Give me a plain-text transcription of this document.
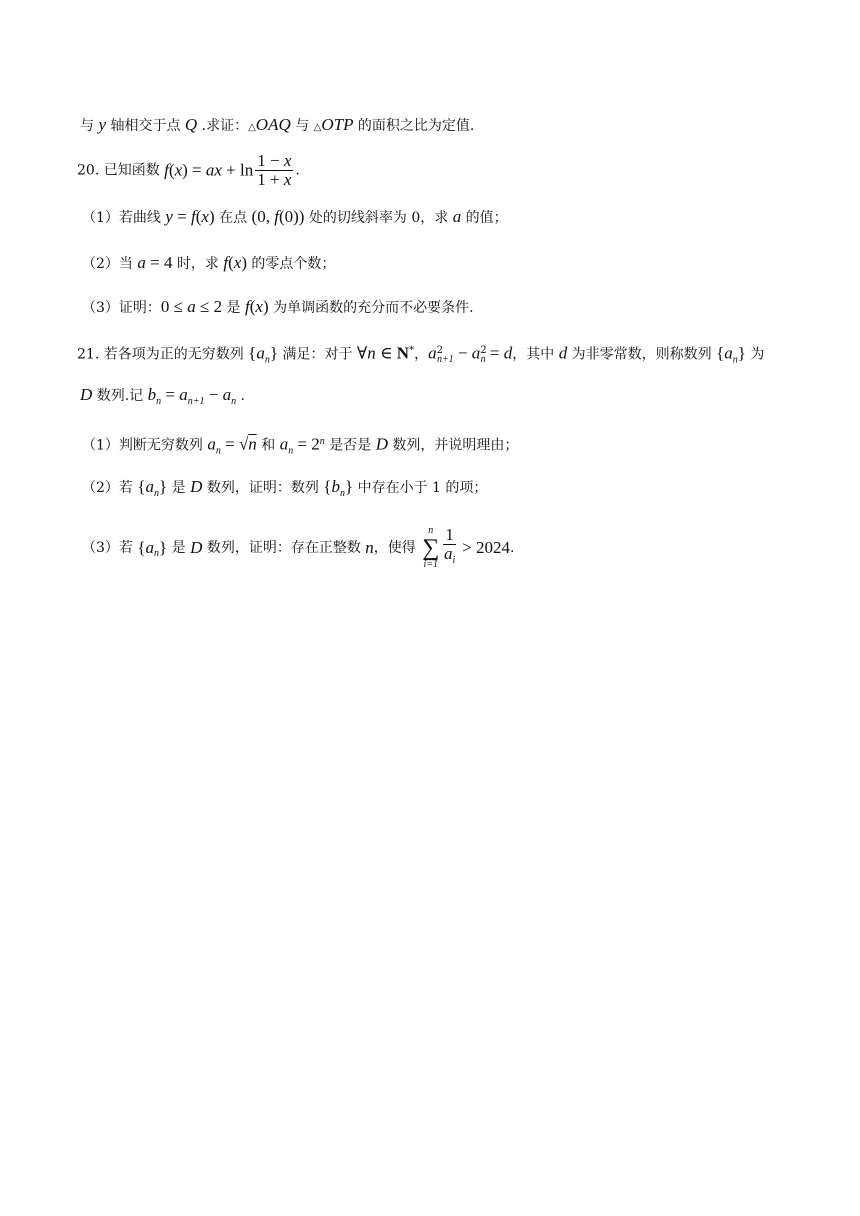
与 y 轴相交于点 Q .求证：△OAQ 与 △OTP 的面积之比为定值.
20. 已知函数 f(x) = ax + $\ln \frac{1 - x}{1 + x}$ .
（1）若曲线 y = f(x) 在点 (0, f(0)) 处的切线斜率为 0，求 a 的值；
（2）当 a = 4 时，求 f(x) 的零点个数；
（3）证明：0 ≤ a ≤ 2 是 f(x) 为单调函数的充分而不必要条件.
21. 若各项为正的无穷数列 $\{a_n\}$ 满足：对于 ∀n ∈ N*，$a^2_{n+1} - a^2_n = d$，其中 d 为非零常数，则称数列 $\{a_n\}$ 为
D 数列.记 $b_n = a_{n+1} - a_n$ .
（1）判断无穷数列 $a_n = √n$ 和 $a_n = 2^n$ 是否是 D 数列，并说明理由；
（2）若 $\{a_n\}$ 是 D 数列，证明：数列 $\{b_n\}$ 中存在小于 1 的项；
（3）若 $\{a_n\}$ 是 D 数列，证明：存在正整数 n，使得
n
∑
$i=1 \frac{1}{a_i} > 2024$.
